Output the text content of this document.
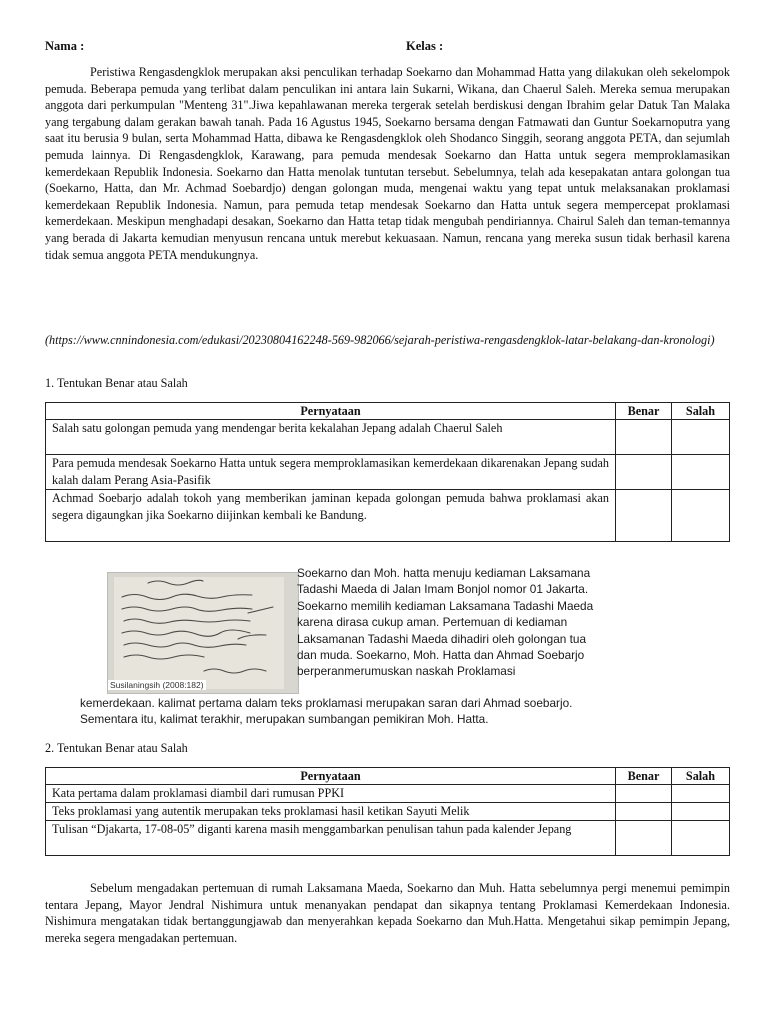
Nama :	Kelas :

Peristiwa Rengasdengklok merupakan aksi penculikan terhadap Soekarno dan Mohammad Hatta yang dilakukan oleh sekelompok pemuda. Beberapa pemuda yang terlibat dalam penculikan ini antara lain Sukarni, Wikana, dan Chaerul Saleh. Mereka semua merupakan anggota dari perkumpulan "Menteng 31".Jiwa kepahlawanan mereka tergerak setelah berdiskusi dengan Ibrahim gelar Datuk Tan Malaka yang tergabung dalam gerakan bawah tanah. Pada 16 Agustus 1945, Soekarno bersama dengan Fatmawati dan Guntur Soekarnoputra yang saat itu berusia 9 bulan, serta Mohammad Hatta, dibawa ke Rengasdengklok oleh Shodanco Singgih, seorang anggota PETA, dan sejumlah pemuda lainnya. Di Rengasdengklok, Karawang, para pemuda mendesak Soekarno dan Hatta untuk segera memproklamasikan kemerdekaan Republik Indonesia. Soekarno dan Hatta menolak tuntutan tersebut. Sebelumnya, telah ada kesepakatan antara golongan tua (Soekarno, Hatta, dan Mr. Achmad Soebardjo) dengan golongan muda, mengenai waktu yang tepat untuk melaksanakan proklamasi kemerdekaan Republik Indonesia. Namun, para pemuda tetap mendesak Soekarno dan Hatta untuk segera mempercepat proklamasi kemerdekaan. Meskipun menghadapi desakan, Soekarno dan Hatta tetap tidak mengubah pendiriannya. Chairul Saleh dan teman-temannya yang berada di Jakarta kemudian menyusun rencana untuk merebut kekuasaan. Namun, rencana yang mereka susun tidak berhasil karena tidak semua anggota PETA mendukungnya.

(https://www.cnnindonesia.com/edukasi/20230804162248-569-982066/sejarah-peristiwa-rengasdengklok-latar-belakang-dan-kronologi)

1. Tentukan Benar atau Salah

Pernyataan	Benar	Salah
Salah satu golongan pemuda yang mendengar berita kekalahan Jepang adalah Chaerul Saleh		
Para pemuda mendesak Soekarno Hatta untuk segera memproklamasikan kemerdekaan dikarenakan Jepang sudah kalah dalam Perang Asia-Pasifik		
Achmad Soebarjo adalah tokoh yang memberikan jaminan kepada golongan pemuda bahwa proklamasi akan segera digaungkan jika Soekarno diijinkan kembali ke Bandung.		
Susilaningsih (2008:182)

Soekarno dan Moh. hatta menuju kediaman Laksamana Tadashi Maeda di Jalan Imam Bonjol nomor 01 Jakarta. Soekarno memilih kediaman Laksamana Tadashi Maeda karena dirasa cukup aman. Pertemuan di kediaman Laksamanan Tadashi Maeda dihadiri oleh golongan tua dan muda. Soekarno, Moh. Hatta dan Ahmad Soebarjo berperanmerumuskan naskah Proklamasi

kemerdekaan. kalimat pertama dalam teks proklamasi merupakan saran dari Ahmad soebarjo. Sementara itu, kalimat terakhir, merupakan sumbangan pemikiran Moh. Hatta.

2. Tentukan Benar atau Salah

Pernyataan	Benar	Salah
Kata pertama dalam proklamasi diambil dari rumusan PPKI		
Teks proklamasi yang autentik merupakan teks proklamasi hasil ketikan Sayuti Melik		
Tulisan “Djakarta, 17-08-05” diganti karena masih menggambarkan penulisan tahun pada kalender Jepang		

Sebelum mengadakan pertemuan di rumah Laksamana Maeda, Soekarno dan Muh. Hatta sebelumnya pergi menemui pemimpin tentara Jepang, Mayor Jendral Nishimura untuk menanyakan pendapat dan sikapnya tentang Proklamasi Kemerdekaan Indonesia. Nishimura mengatakan tidak bertanggungjawab dan menyerahkan kepada Soekarno dan Muh.Hatta. Mengetahui sikap pemimpin Jepang, mereka segera mengadakan pertemuan.
